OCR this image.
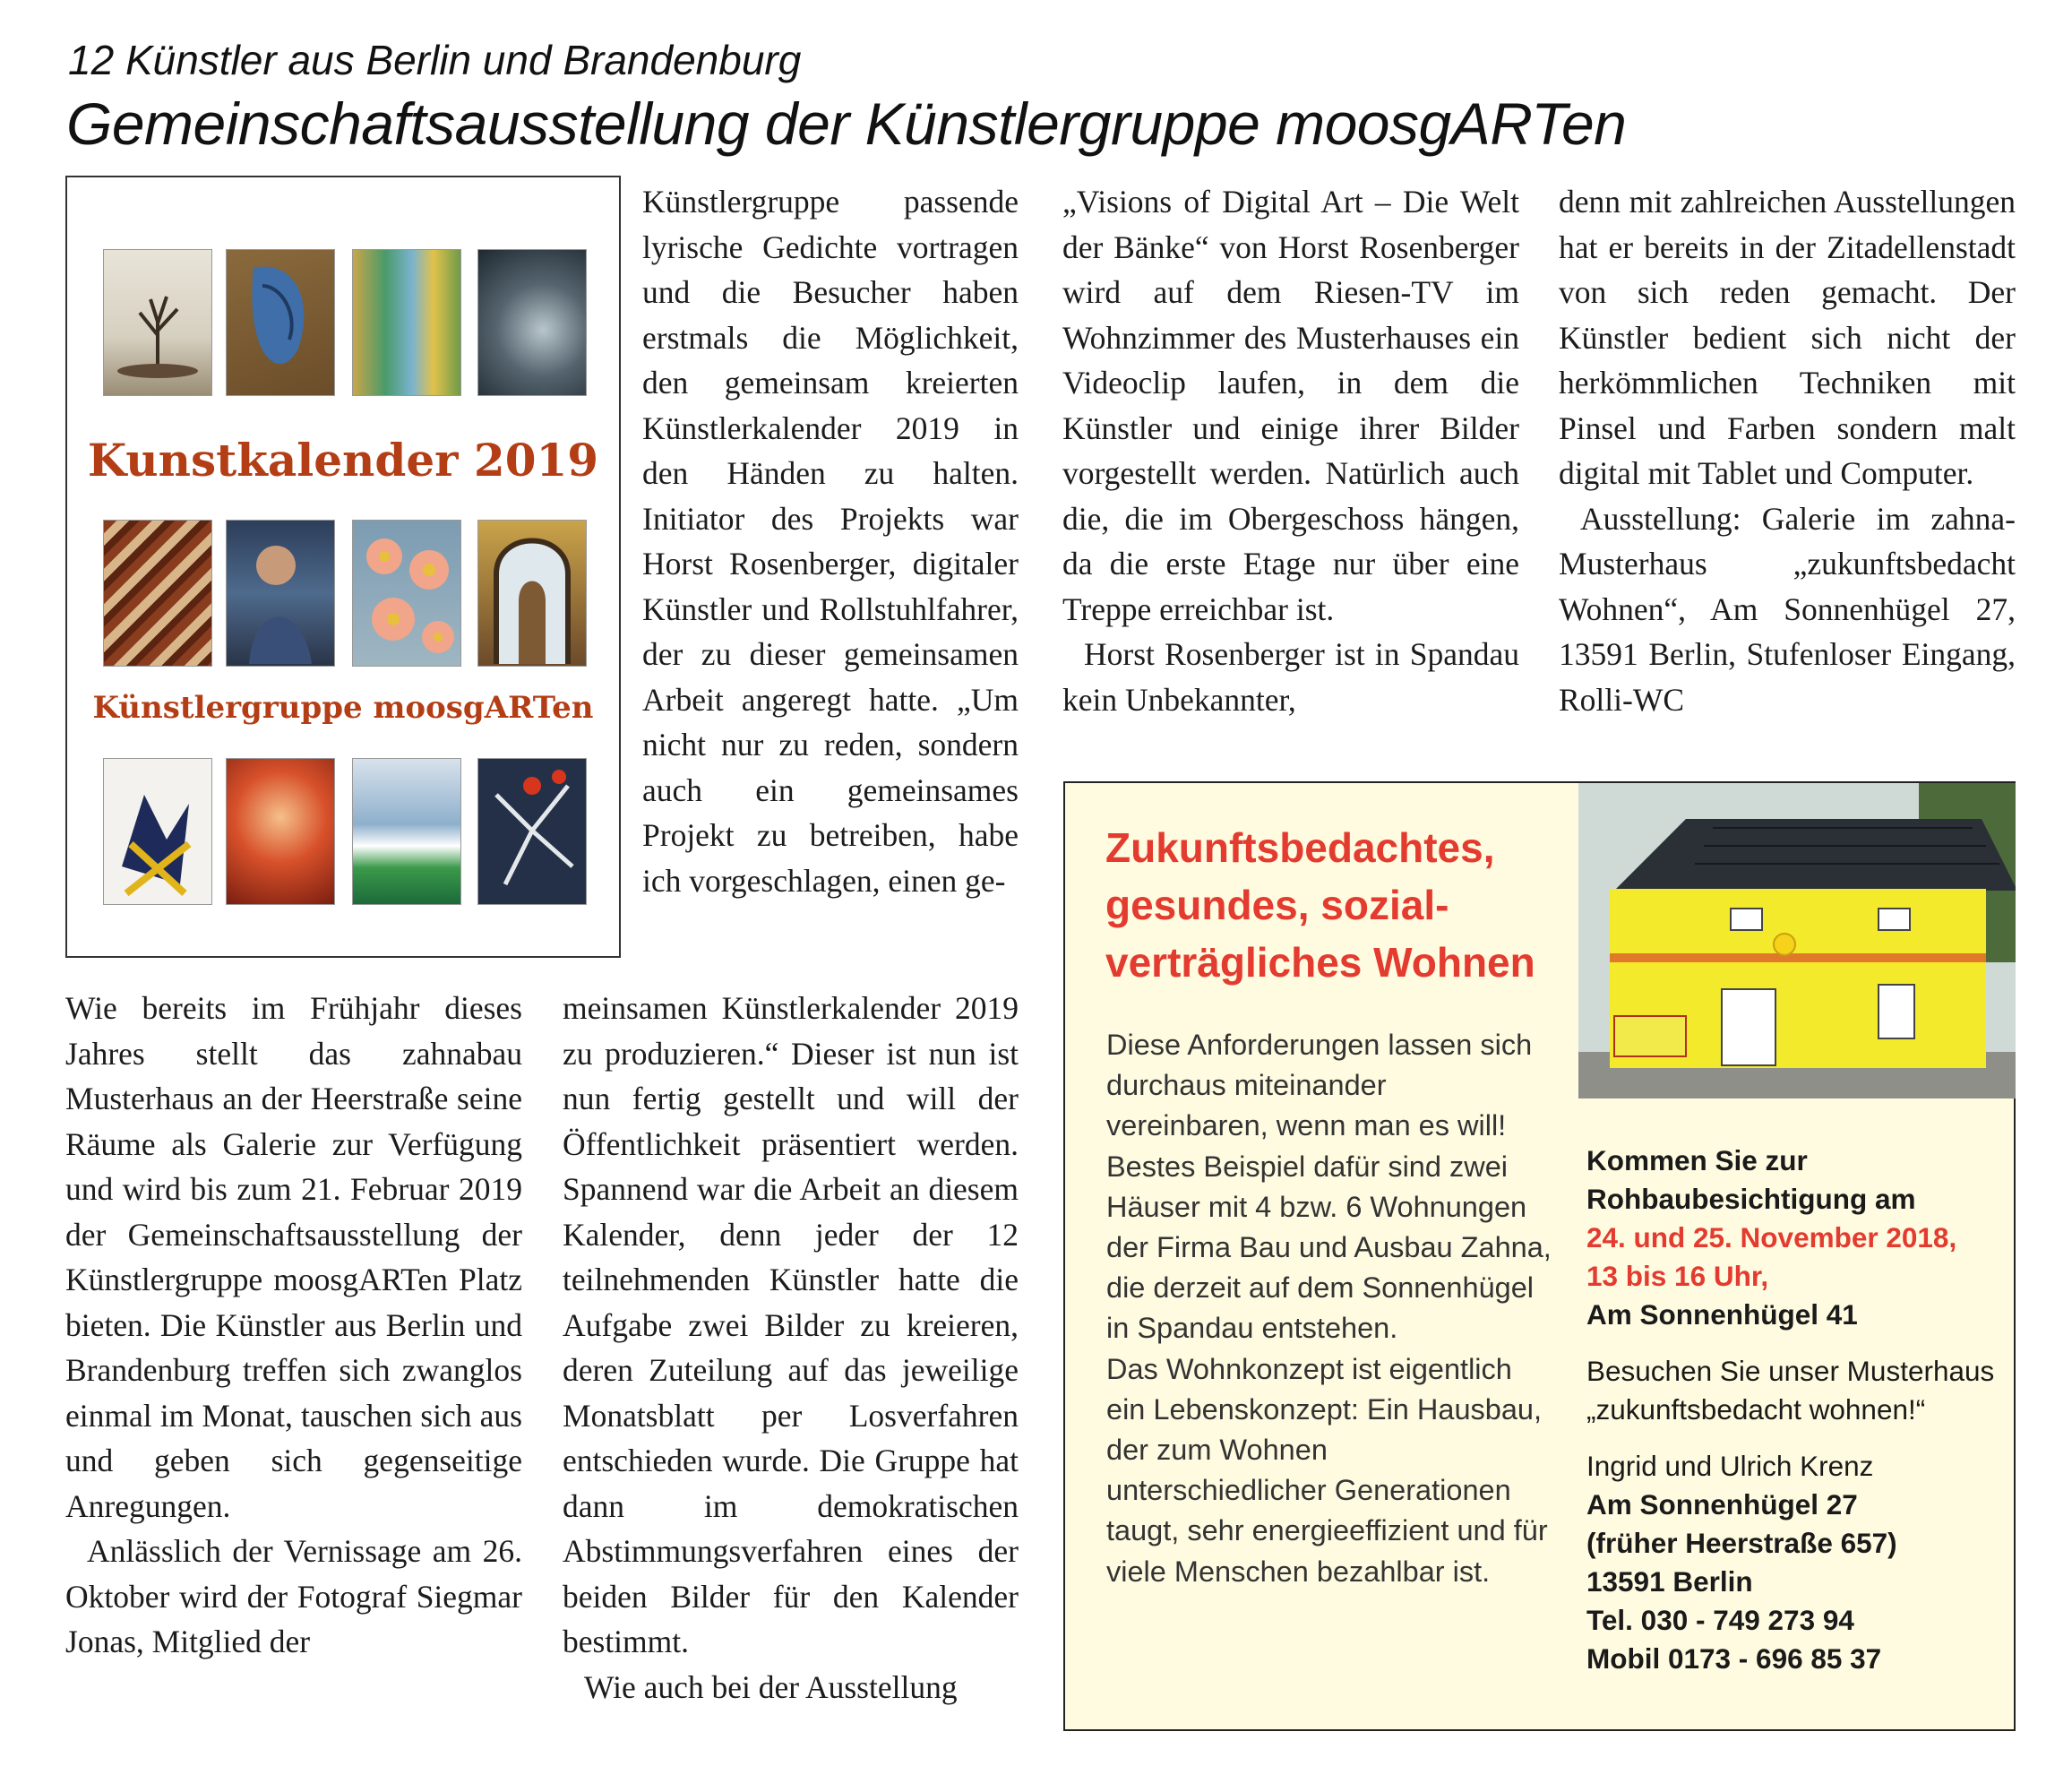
12 Künstler aus Berlin und Brandenburg
Gemeinschaftsausstellung der Künstlergruppe moosgARTen
Kunstkalender 2019
Künstlergruppe moosgARTen

Künstlergruppe passende lyrische Gedichte vortragen und die Besucher haben erstmals die Möglichkeit, den gemeinsam kreierten Künstlerkalender 2019 in den Händen zu halten. Initiator des Projekts war Horst Rosenberger, digitaler Künstler und Rollstuhlfahrer, der zu dieser gemeinsamen Arbeit angeregt hatte. „Um nicht nur zu reden, sondern auch ein gemeinsames Projekt zu betreiben, habe ich vorgeschlagen, einen ge-

Wie bereits im Frühjahr dieses Jahres stellt das zahnabau Musterhaus an der Heerstraße seine Räume als Galerie zur Verfügung und wird bis zum 21. Februar 2019 der Gemeinschaftsausstellung der Künstlergruppe moosgARTen Platz bieten. Die Künstler aus Berlin und Brandenburg treffen sich zwanglos einmal im Monat, tauschen sich aus und geben sich gegenseitige Anregungen.

Anlässlich der Vernissage am 26. Oktober wird der Fotograf Siegmar Jonas, Mitglied der

meinsamen Künstlerkalender 2019 zu produzieren.“ Dieser ist nun ist nun fertig gestellt und will der Öffentlichkeit präsentiert werden. Spannend war die Arbeit an diesem Kalender, denn jeder der 12 teilnehmenden Künstler hatte die Aufgabe zwei Bilder zu kreieren, deren Zuteilung auf das jeweilige Monatsblatt per Losverfahren entschieden wurde. Die Gruppe hat dann im demokratischen Abstimmungsverfahren eines der beiden Bilder für den Kalender bestimmt.

Wie auch bei der Ausstellung

„Visions of Digital Art – Die Welt der Bänke“ von Horst Rosenberger wird auf dem Riesen-TV im Wohnzimmer des Musterhauses ein Videoclip laufen, in dem die Künstler und einige ihrer Bilder vorgestellt werden. Natürlich auch die, die im Obergeschoss hängen, da die erste Etage nur über eine Treppe erreichbar ist.

Horst Rosenberger ist in Spandau kein Unbekannter,

denn mit zahlreichen Ausstellungen hat er bereits in der Zitadellenstadt von sich reden gemacht. Der Künstler bedient sich nicht der herkömmlichen Techniken mit Pinsel und Farben sondern malt digital mit Tablet und Computer.

Ausstellung: Galerie im zahna-Musterhaus „zukunftsbedacht Wohnen“, Am Sonnenhügel 27, 13591 Berlin, Stufenloser Eingang, Rolli-WC

Zukunftsbedachtes,
gesundes, sozial-
verträgliches Wohnen
Diese Anforderungen lassen sich durchaus miteinander vereinbaren, wenn man es will!
Bestes Beispiel dafür sind zwei Häuser mit 4 bzw. 6 Wohnungen der Firma Bau und Ausbau Zahna, die derzeit auf dem Sonnenhügel in Spandau entstehen.
Das Wohnkonzept ist eigentlich ein Lebenskonzept: Ein Hausbau, der zum Wohnen unterschiedlicher Generationen taugt, sehr energieeffizient und für viele Menschen bezahlbar ist.
Kommen Sie zur
Rohbaubesichtigung am
24. und 25. November 2018,
13 bis 16 Uhr,
Am Sonnenhügel 41
Besuchen Sie unser Musterhaus „zukunftsbedacht wohnen!“
Ingrid und Ulrich Krenz
Am Sonnenhügel 27
(früher Heerstraße 657)
13591 Berlin
Tel. 030 - 749 273 94
Mobil 0173 - 696 85 37
